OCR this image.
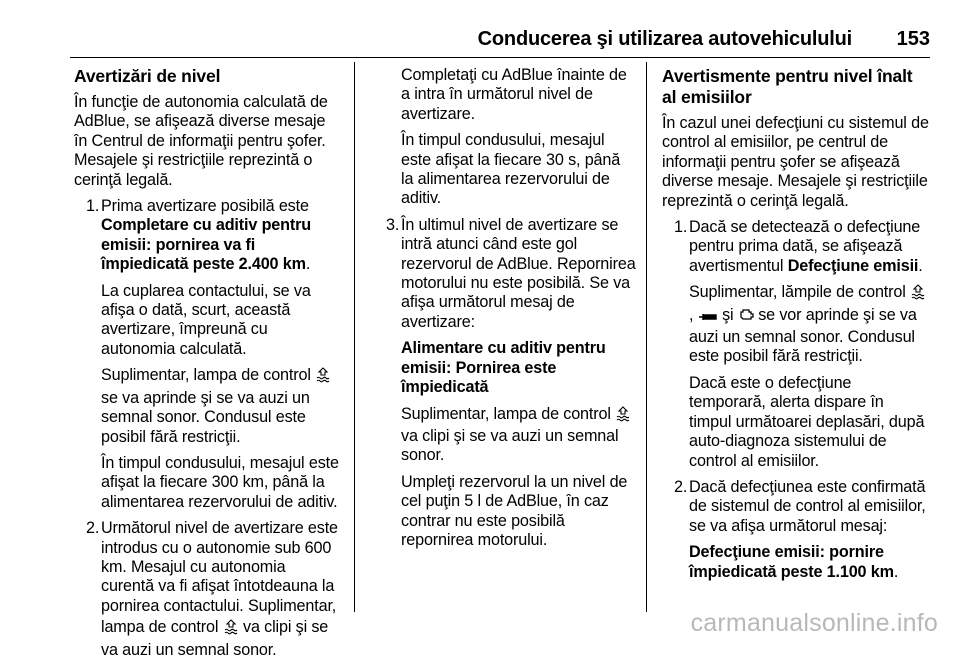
Conducerea şi utilizarea autovehiculului 153
Avertizări de nivel

În funcţie de autonomia calculată de AdBlue, se afişează diverse mesaje în Centrul de informaţii pentru şofer. Mesajele şi restricţiile reprezintă o cerinţă legală.

1. Prima avertizare posibilă este Completare cu aditiv pentru emisii: pornirea va fi împiedicată peste 2.400 km.

La cuplarea contactului, se va afişa o dată, scurt, această avertizare, împreună cu autonomia calculată.

Suplimentar, lampa de control  se va aprinde şi se va auzi un semnal sonor. Condusul este posibil fără restricţii.

În timpul condusului, mesajul este afişat la fiecare 300 km, până la alimentarea rezervorului de aditiv.

2. Următorul nivel de avertizare este introdus cu o autonomie sub 600 km. Mesajul cu autonomia curentă va fi afişat întotdeauna la pornirea contactului. Suplimentar,

lampa de control va clipi şi se va auzi un semnal sonor.

Completaţi cu AdBlue înainte de a intra în următorul nivel de avertizare.

În timpul condusului, mesajul este afişat la fiecare 30 s, până la alimentarea rezervorului de aditiv.

3. În ultimul nivel de avertizare se intră atunci când este gol rezervorul de AdBlue. Repornirea motorului nu este posibilă. Se va afişa următorul mesaj de avertizare:

Alimentare cu aditiv pentru emisii: Pornirea este împiedicată

Suplimentar, lampa de control  va clipi şi se va auzi un semnal sonor.

Umpleţi rezervorul la un nivel de cel puţin 5 l de AdBlue, în caz contrar nu este posibilă repornirea motorului.

Avertismente pentru nivel înalt al emisiilor

În cazul unei defecţiuni cu sistemul de control al emisiilor, pe centrul de informaţii pentru şofer se afişează diverse mesaje. Mesajele şi restricţiile reprezintă o cerinţă legală.

1. Dacă se detectează o defecţiune pentru prima dată, se afişează avertismentul Defecţiune emisii.

Suplimentar, lămpile de control , şi se vor aprinde şi se va auzi un semnal sonor. Condusul este posibil fără restricţii.

Dacă este o defecţiune temporară, alerta dispare în timpul următoarei deplasări, după auto-diagnoza sistemului de control al emisiilor.

2. Dacă defecţiunea este confirmată de sistemul de control al emisiilor, se va afişa următorul mesaj:

Defecţiune emisii: pornire împiedicată peste 1.100 km.

carmanualsonline.info
